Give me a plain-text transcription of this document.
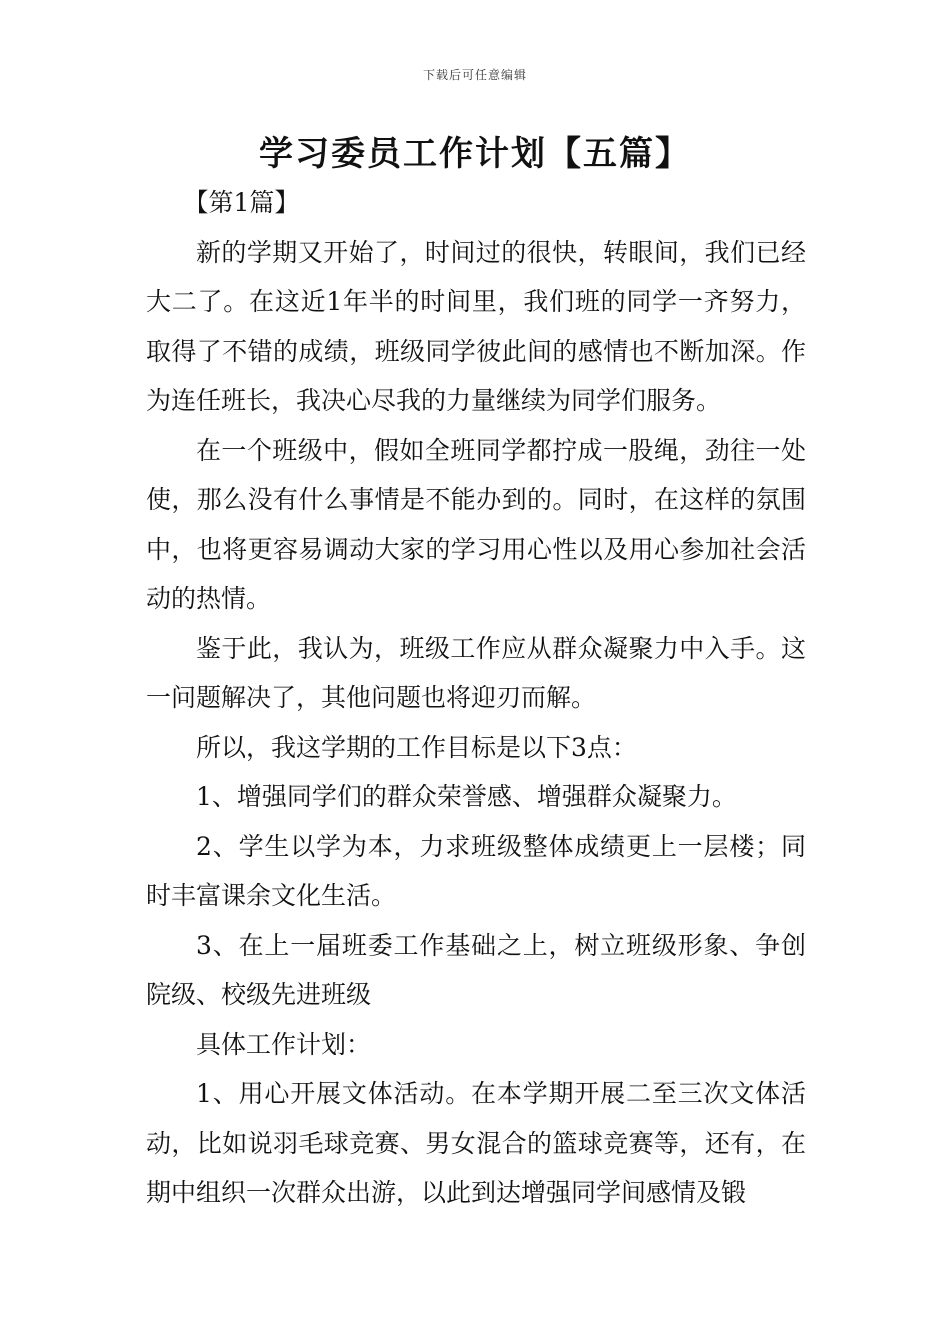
下载后可任意编辑
学习委员工作计划【五篇】

【第1篇】

新的学期又开始了，时间过的很快，转眼间，我们已经大二了。在这近1年半的时间里，我们班的同学一齐努力，取得了不错的成绩，班级同学彼此间的感情也不断加深。作为连任班长，我决心尽我的力量继续为同学们服务。

在一个班级中，假如全班同学都拧成一股绳，劲往一处使，那么没有什么事情是不能办到的。同时，在这样的氛围中，也将更容易调动大家的学习用心性以及用心参加社会活动的热情。

鉴于此，我认为，班级工作应从群众凝聚力中入手。这一问题解决了，其他问题也将迎刃而解。

所以，我这学期的工作目标是以下3点：

1、增强同学们的群众荣誉感、增强群众凝聚力。

2、学生以学为本，力求班级整体成绩更上一层楼；同时丰富课余文化生活。

3、在上一届班委工作基础之上，树立班级形象、争创院级、校级先进班级

具体工作计划：

1、用心开展文体活动。在本学期开展二至三次文体活动，比如说羽毛球竞赛、男女混合的篮球竞赛等，还有，在期中组织一次群众出游，以此到达增强同学间感情及锻
